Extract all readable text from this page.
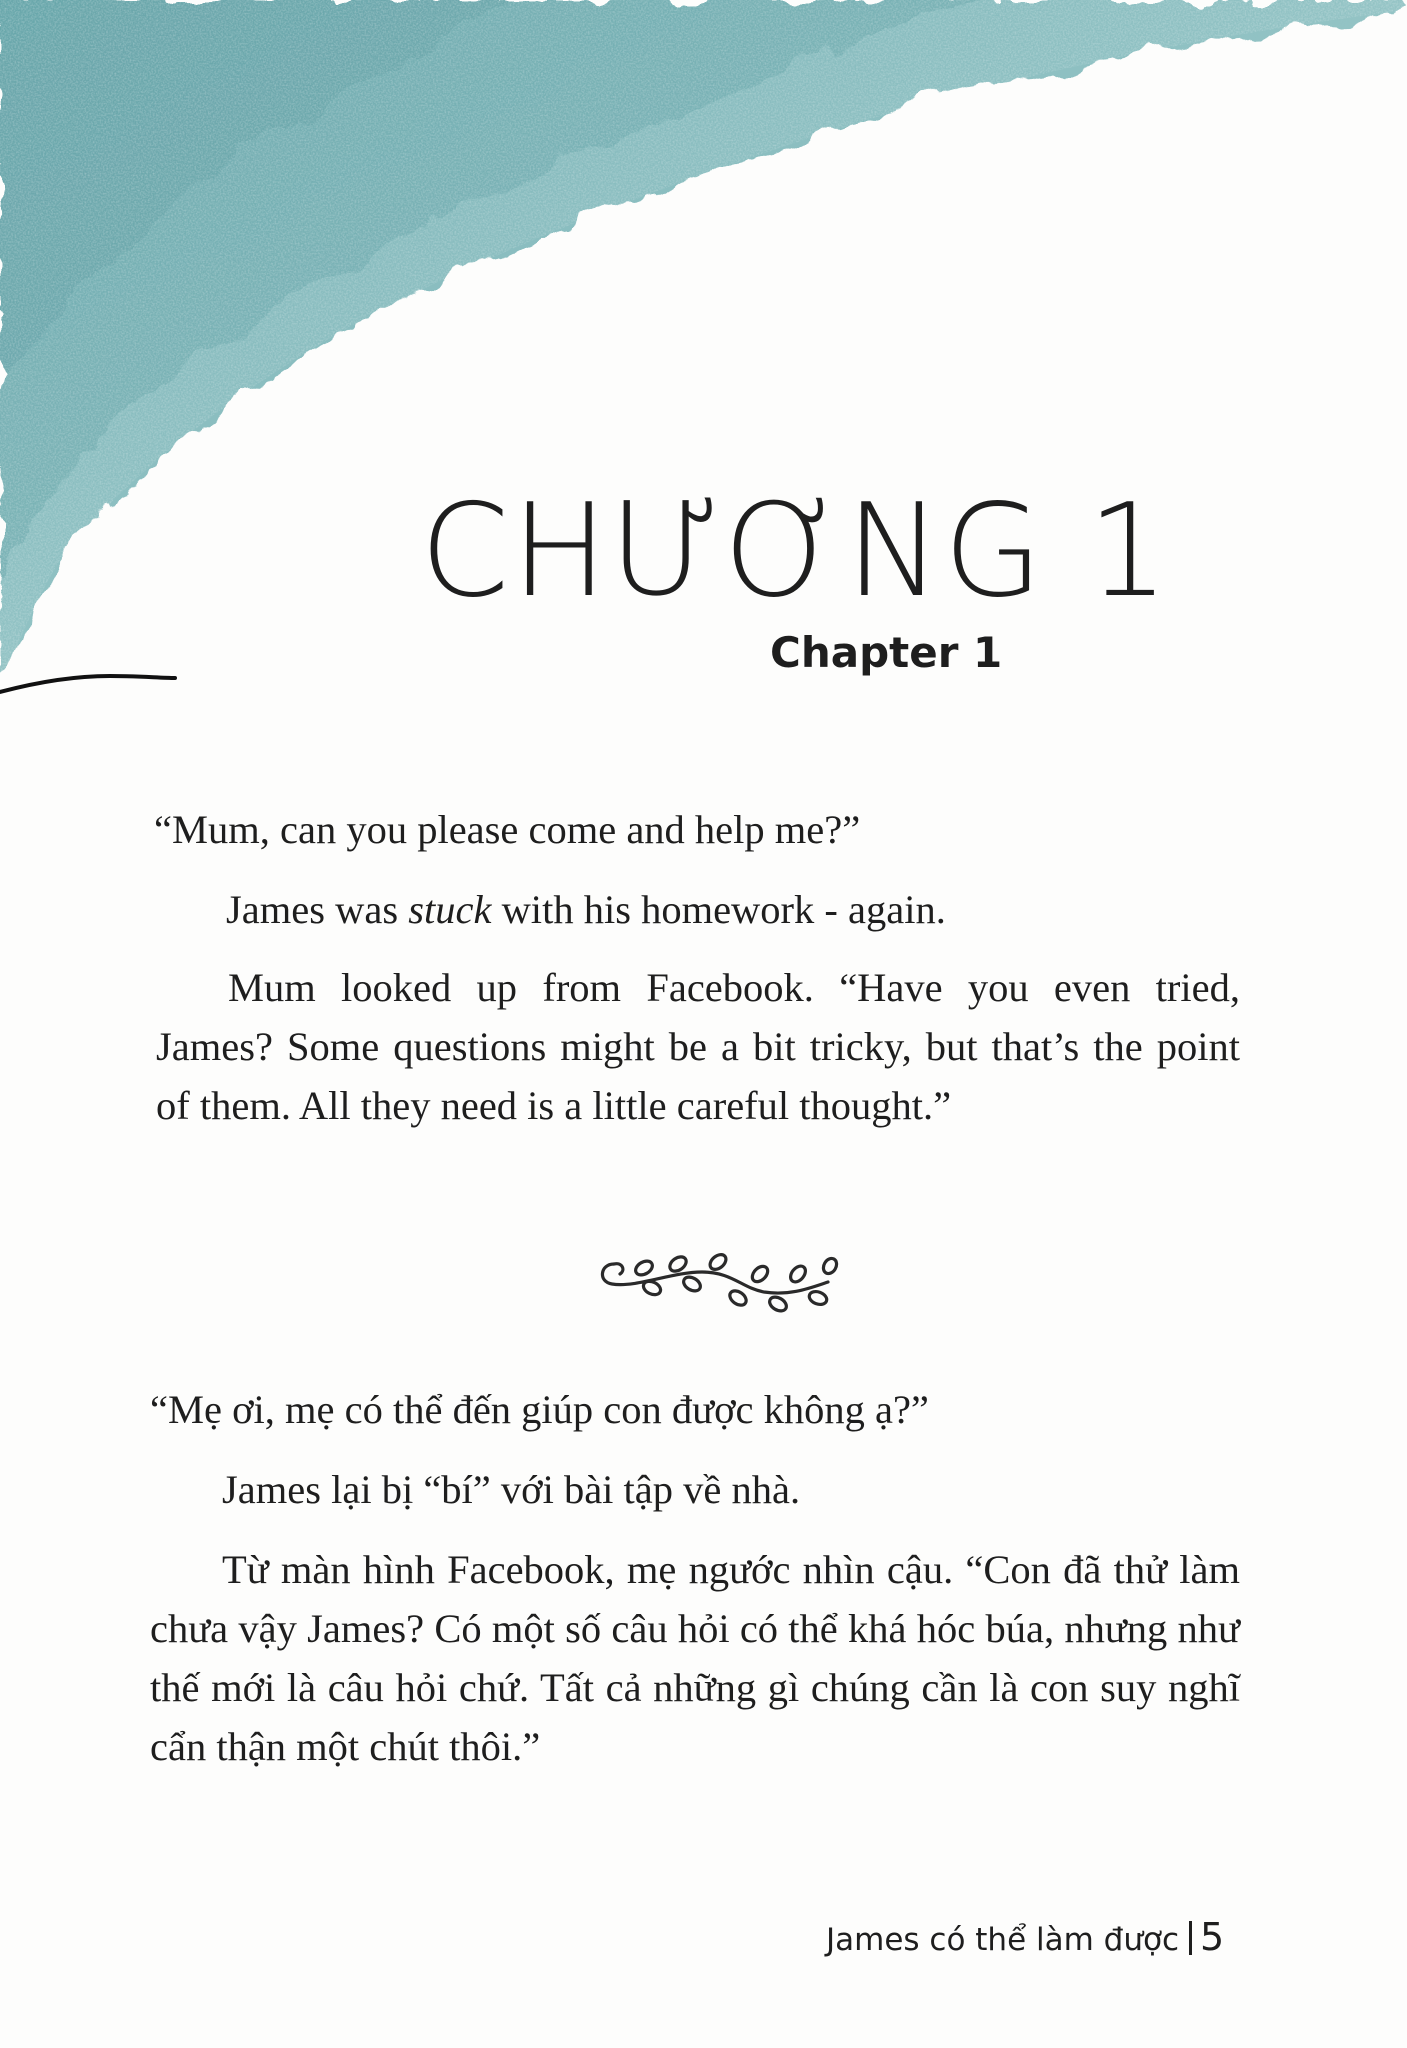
CHƯƠNG 1
Chapter 1
“Mum, can you please come and help me?”
James was stuck with his homework - again.
Mum looked up from Facebook. “Have you even tried, James? Some questions might be a bit tricky, but that’s the point of them. All they need is a little careful thought.”
“Mẹ ơi, mẹ có thể đến giúp con được không ạ?”
James lại bị “bí” với bài tập về nhà.
Từ màn hình Facebook, mẹ ngước nhìn cậu. “Con đã thử làm chưa vậy James? Có một số câu hỏi có thể khá hóc búa, nhưng như thế mới là câu hỏi chứ. Tất cả những gì chúng cần là con suy nghĩ cẩn thận một chút thôi.”
James có thể làm được 5
